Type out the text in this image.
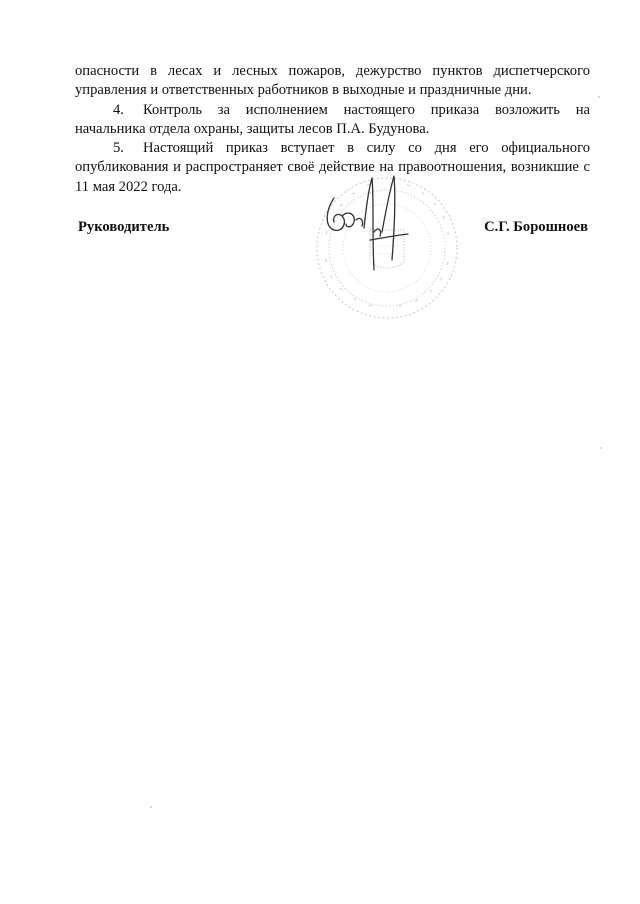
опасности в лесах и лесных пожаров, дежурство пунктов диспетчерского управления и ответственных работников в выходные и праздничные дни.

4. Контроль за исполнением настоящего приказа возложить на начальника отдела охраны, защиты лесов П.А. Будунова.

5. Настоящий приказ вступает в силу со дня его официального опубликования и распространяет своё действие на правоотношения, возникшие с 11 мая 2022 года.

Руководитель	С.Г. Борошноев
